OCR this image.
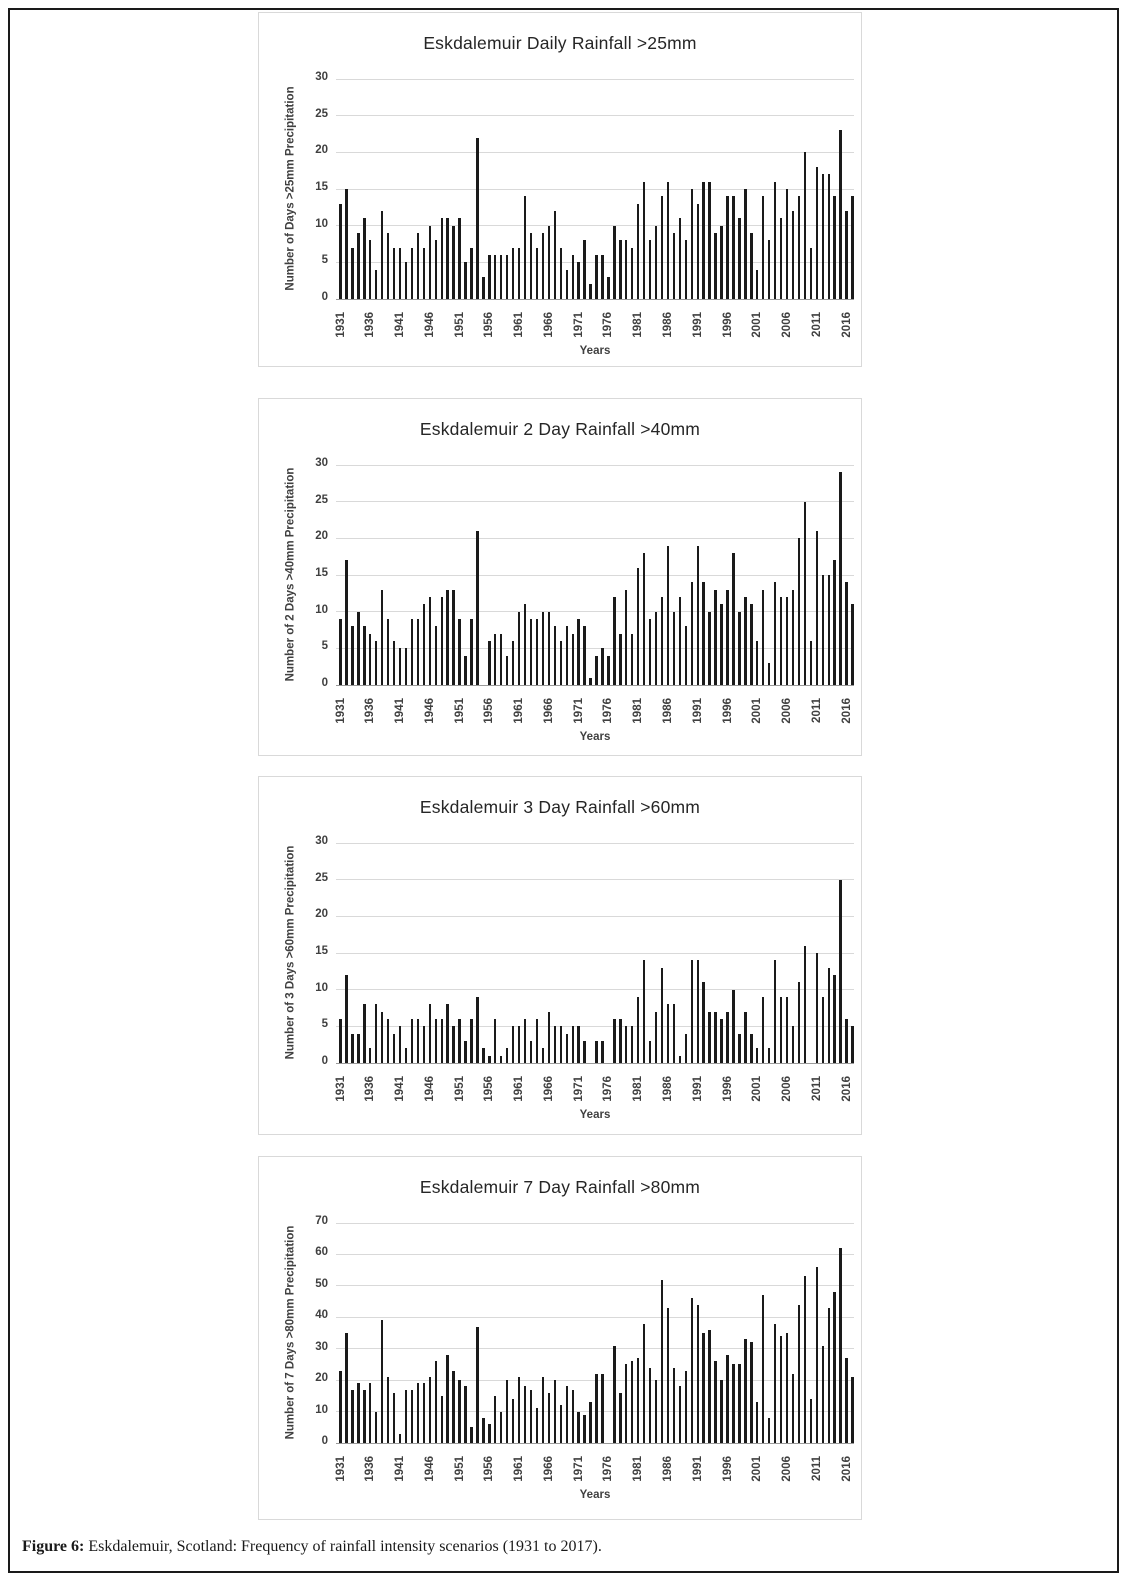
Eskdalemuir Daily Rainfall >25mm
Number of Days >25mm Precipitation
0
5
10
15
20
25
30
1931 1936 1941 1946 1951 1956 1961 1966 1971 1976 1981 1986 1991 1996 2001 2006 2011 2016
Years
Eskdalemuir 2 Day Rainfall >40mm
Number of 2 Days >40mm Precipitation
0
5
10
15
20
25
30
1931 1936 1941 1946 1951 1956 1961 1966 1971 1976 1981 1986 1991 1996 2001 2006 2011 2016
Years
Eskdalemuir 3 Day Rainfall >60mm
Number of 3 Days >60mm Precipitation
0
5
10
15
20
25
30
1931 1936 1941 1946 1951 1956 1961 1966 1971 1976 1981 1986 1991 1996 2001 2006 2011 2016
Years
Eskdalemuir 7 Day Rainfall >80mm
Number of 7 Days >80mm Precipitation
0
10
20
30
40
50
60
70
1931 1936 1941 1946 1951 1956 1961 1966 1971 1976 1981 1986 1991 1996 2001 2006 2011 2016
Years
Figure 6: Eskdalemuir, Scotland: Frequency of rainfall intensity scenarios (1931 to 2017).
